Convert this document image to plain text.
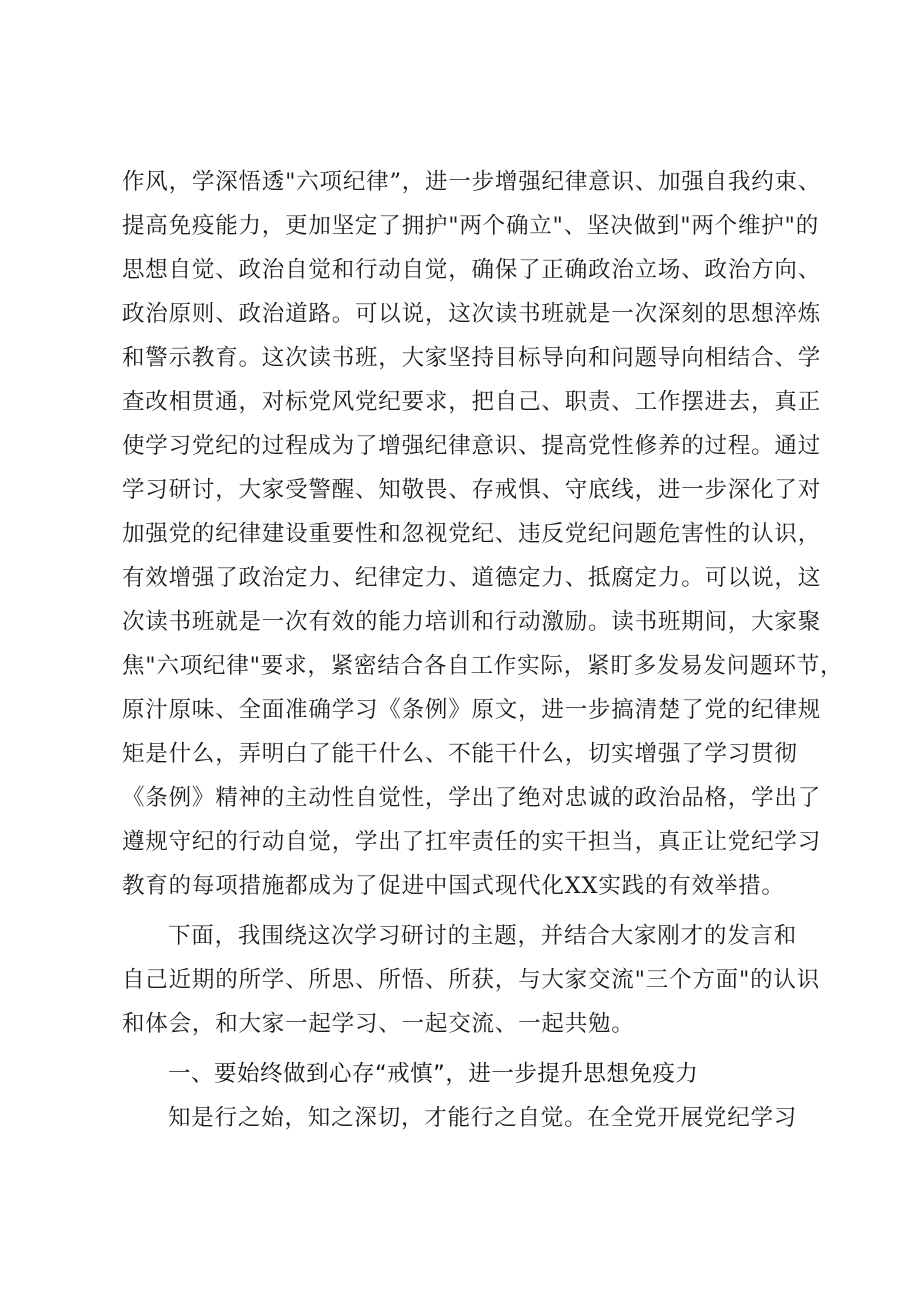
作风，学深悟透"六项纪律”，进一步增强纪律意识、加强自我约束、
提高免疫能力，更加坚定了拥护"两个确立"、坚决做到"两个维护"的
思想自觉、政治自觉和行动自觉，确保了正确政治立场、政治方向、
政治原则、政治道路。可以说，这次读书班就是一次深刻的思想淬炼
和警示教育。这次读书班，大家坚持目标导向和问题导向相结合、学
查改相贯通，对标党风党纪要求，把自己、职责、工作摆进去，真正
使学习党纪的过程成为了增强纪律意识、提高党性修养的过程。通过
学习研讨，大家受警醒、知敬畏、存戒惧、守底线，进一步深化了对
加强党的纪律建设重要性和忽视党纪、违反党纪问题危害性的认识，
有效增强了政治定力、纪律定力、道德定力、抵腐定力。可以说，这
次读书班就是一次有效的能力培训和行动激励。读书班期间，大家聚
焦"六项纪律"要求，紧密结合各自工作实际，紧盯多发易发问题环节，
原汁原味、全面准确学习《条例》原文，进一步搞清楚了党的纪律规
矩是什么，弄明白了能干什么、不能干什么，切实增强了学习贯彻
《条例》精神的主动性自觉性，学出了绝对忠诚的政治品格，学出了
遵规守纪的行动自觉，学出了扛牢责任的实干担当，真正让党纪学习
教育的每项措施都成为了促进中国式现代化XX实践的有效举措。
下面，我围绕这次学习研讨的主题，并结合大家刚才的发言和
自己近期的所学、所思、所悟、所获，与大家交流"三个方面"的认识
和体会，和大家一起学习、一起交流、一起共勉。
一、要始终做到心存“戒慎”，进一步提升思想免疫力
知是行之始，知之深切，才能行之自觉。在全党开展党纪学习
